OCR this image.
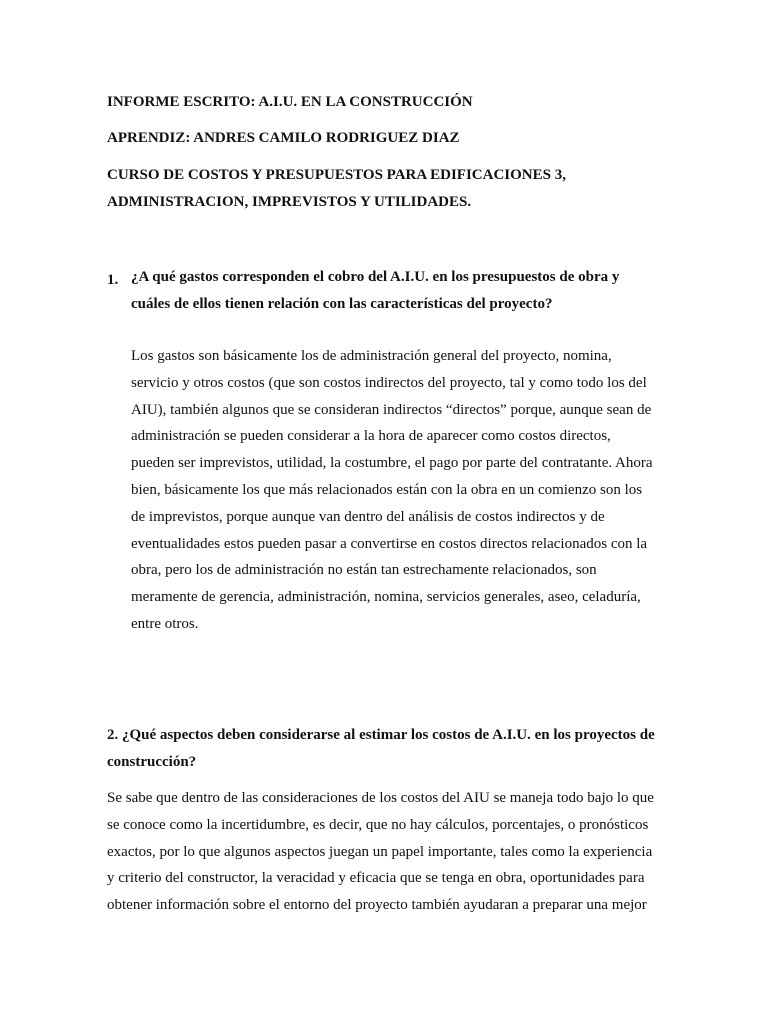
INFORME ESCRITO: A.I.U. EN LA CONSTRUCCIÓN
APRENDIZ: ANDRES CAMILO RODRIGUEZ DIAZ
CURSO DE COSTOS Y PRESUPUESTOS PARA EDIFICACIONES 3,
ADMINISTRACION, IMPREVISTOS Y UTILIDADES.
1. ¿A qué gastos corresponden el cobro del A.I.U. en los presupuestos de obra y
cuáles de ellos tienen relación con las características del proyecto?
Los gastos son básicamente los de administración general del proyecto, nomina,
servicio y otros costos (que son costos indirectos del proyecto, tal y como todo los del
AIU), también algunos que se consideran indirectos “directos” porque, aunque sean de
administración se pueden considerar a la hora de aparecer como costos directos,
pueden ser imprevistos, utilidad, la costumbre, el pago por parte del contratante. Ahora
bien, básicamente los que más relacionados están con la obra en un comienzo son los
de imprevistos, porque aunque van dentro del análisis de costos indirectos y de
eventualidades estos pueden pasar a convertirse en costos directos relacionados con la
obra, pero los de administración no están tan estrechamente relacionados, son
meramente de gerencia, administración, nomina, servicios generales, aseo, celaduría,
entre otros.
2. ¿Qué aspectos deben considerarse al estimar los costos de A.I.U. en los proyectos de
construcción?
Se sabe que dentro de las consideraciones de los costos del AIU se maneja todo bajo lo que
se conoce como la incertidumbre, es decir, que no hay cálculos, porcentajes, o pronósticos
exactos, por lo que algunos aspectos juegan un papel importante, tales como la experiencia
y criterio del constructor, la veracidad y eficacia que se tenga en obra, oportunidades para
obtener información sobre el entorno del proyecto también ayudaran a preparar una mejor
